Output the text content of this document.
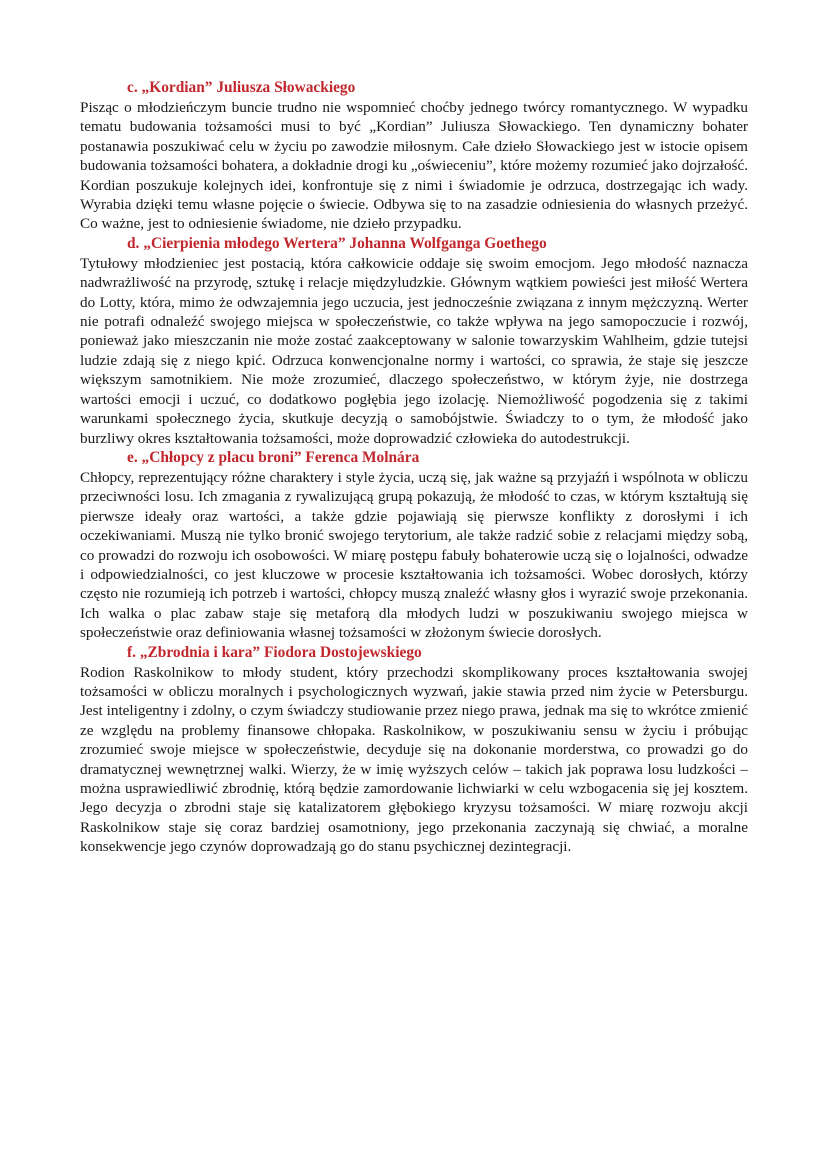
c. „Kordian” Juliusza Słowackiego

Pisząc o młodzieńczym buncie trudno nie wspomnieć choćby jednego twórcy romantycznego. W wypadku tematu budowania tożsamości musi to być „Kordian” Juliusza Słowackiego. Ten dynamiczny bohater postanawia poszukiwać celu w życiu po zawodzie miłosnym. Całe dzieło Słowackiego jest w istocie opisem budowania tożsamości bohatera, a dokładnie drogi ku „oświeceniu”, które możemy rozumieć jako dojrzałość. Kordian poszukuje kolejnych idei, konfrontuje się z nimi i świadomie je odrzuca, dostrzegając ich wady. Wyrabia dzięki temu własne pojęcie o świecie. Odbywa się to na zasadzie odniesienia do własnych przeżyć. Co ważne, jest to odniesienie świadome, nie dzieło przypadku.

d. „Cierpienia młodego Wertera” Johanna Wolfganga Goethego

Tytułowy młodzieniec jest postacią, która całkowicie oddaje się swoim emocjom. Jego młodość naznacza nadwrażliwość na przyrodę, sztukę i relacje międzyludzkie. Głównym wątkiem powieści jest miłość Wertera do Lotty, która, mimo że odwzajemnia jego uczucia, jest jednocześnie związana z innym mężczyzną. Werter nie potrafi odnaleźć swojego miejsca w społeczeństwie, co także wpływa na jego samopoczucie i rozwój, ponieważ jako mieszczanin nie może zostać zaakceptowany w salonie towarzyskim Wahlheim, gdzie tutejsi ludzie zdają się z niego kpić. Odrzuca konwencjonalne normy i wartości, co sprawia, że staje się jeszcze większym samotnikiem. Nie może zrozumieć, dlaczego społeczeństwo, w którym żyje, nie dostrzega wartości emocji i uczuć, co dodatkowo pogłębia jego izolację. Niemożliwość pogodzenia się z takimi warunkami społecznego życia, skutkuje decyzją o samobójstwie. Świadczy to o tym, że młodość jako burzliwy okres kształtowania tożsamości, może doprowadzić człowieka do autodestrukcji.

e. „Chłopcy z placu broni” Ferenca Molnára

Chłopcy, reprezentujący różne charaktery i style życia, uczą się, jak ważne są przyjaźń i wspólnota w obliczu przeciwności losu. Ich zmagania z rywalizującą grupą pokazują, że młodość to czas, w którym kształtują się pierwsze ideały oraz wartości, a także gdzie pojawiają się pierwsze konflikty z dorosłymi i ich oczekiwaniami. Muszą nie tylko bronić swojego terytorium, ale także radzić sobie z relacjami między sobą, co prowadzi do rozwoju ich osobowości. W miarę postępu fabuły bohaterowie uczą się o lojalności, odwadze i odpowiedzialności, co jest kluczowe w procesie kształtowania ich tożsamości. Wobec dorosłych, którzy często nie rozumieją ich potrzeb i wartości, chłopcy muszą znaleźć własny głos i wyrazić swoje przekonania. Ich walka o plac zabaw staje się metaforą dla młodych ludzi w poszukiwaniu swojego miejsca w społeczeństwie oraz definiowania własnej tożsamości w złożonym świecie dorosłych.

f. „Zbrodnia i kara” Fiodora Dostojewskiego

Rodion Raskolnikow to młody student, który przechodzi skomplikowany proces kształtowania swojej tożsamości w obliczu moralnych i psychologicznych wyzwań, jakie stawia przed nim życie w Petersburgu. Jest inteligentny i zdolny, o czym świadczy studiowanie przez niego prawa, jednak ma się to wkrótce zmienić ze względu na problemy finansowe chłopaka. Raskolnikow, w poszukiwaniu sensu w życiu i próbując zrozumieć swoje miejsce w społeczeństwie, decyduje się na dokonanie morderstwa, co prowadzi go do dramatycznej wewnętrznej walki. Wierzy, że w imię wyższych celów – takich jak poprawa losu ludzkości – można usprawiedliwić zbrodnię, którą będzie zamordowanie lichwiarki w celu wzbogacenia się jej kosztem. Jego decyzja o zbrodni staje się katalizatorem głębokiego kryzysu tożsamości. W miarę rozwoju akcji Raskolnikow staje się coraz bardziej osamotniony, jego przekonania zaczynają się chwiać, a moralne konsekwencje jego czynów doprowadzają go do stanu psychicznej dezintegracji.
